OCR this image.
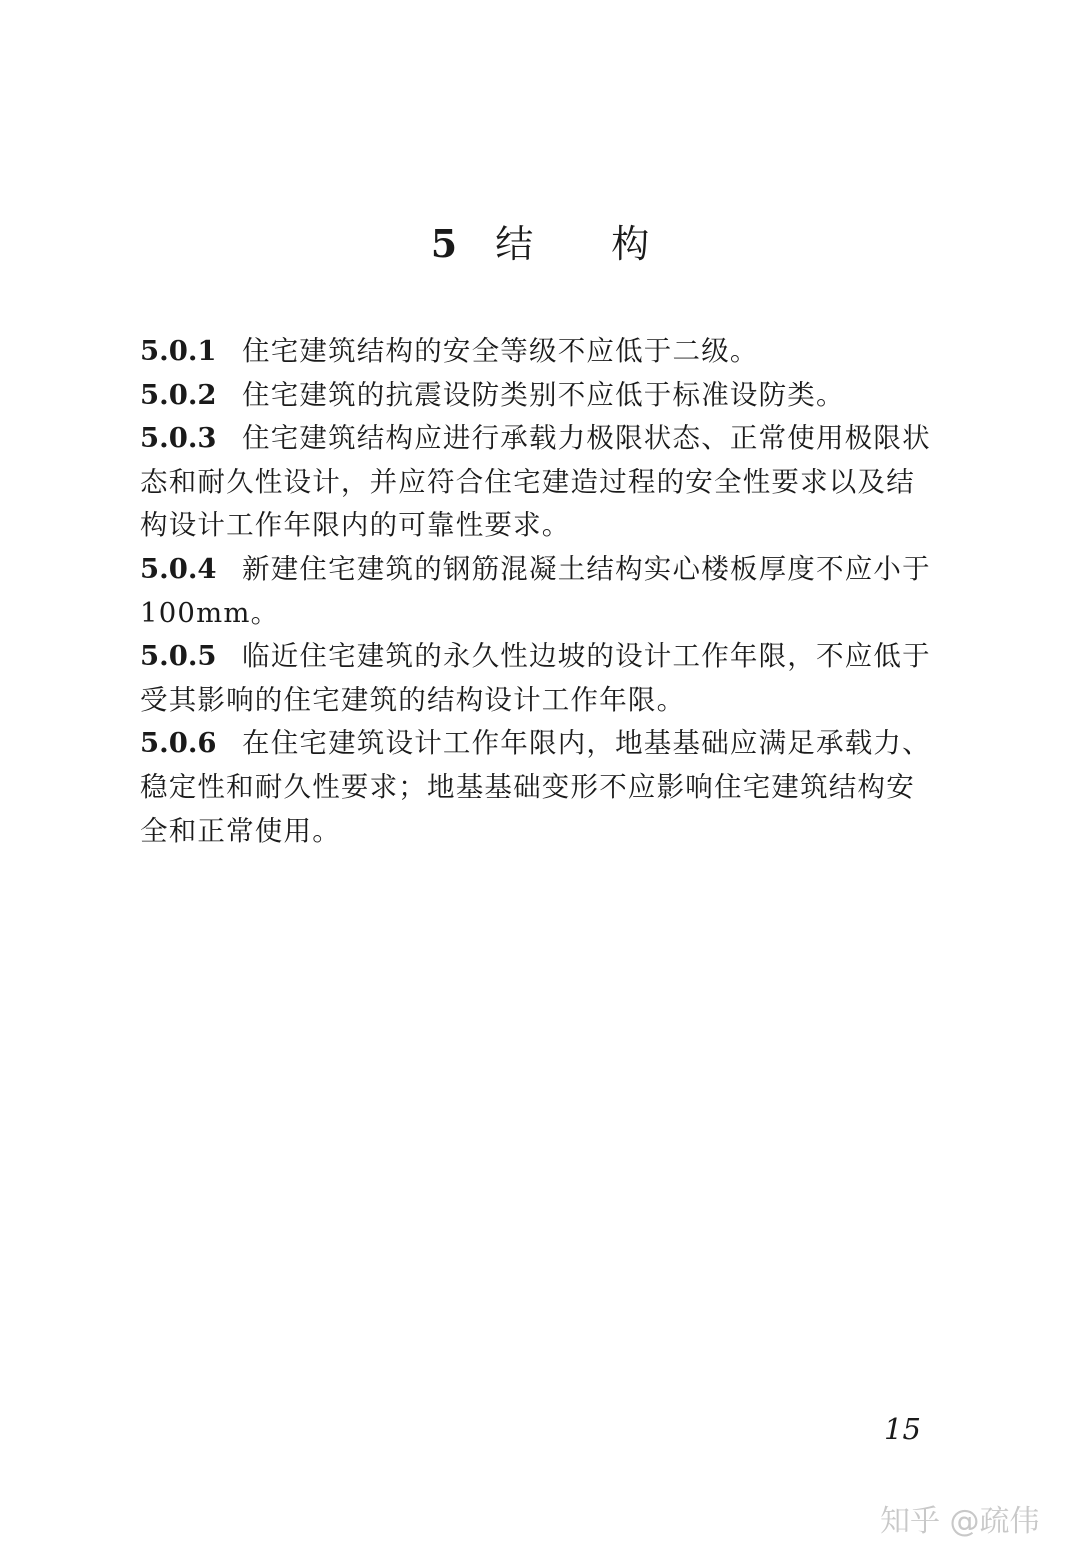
5 结 构

5.0.1 住宅建筑结构的安全等级不应低于二级。

5.0.2 住宅建筑的抗震设防类别不应低于标准设防类。

5.0.3 住宅建筑结构应进行承载力极限状态、正常使用极限状态和耐久性设计，并应符合住宅建造过程的安全性要求以及结构设计工作年限内的可靠性要求。

5.0.4 新建住宅建筑的钢筋混凝土结构实心楼板厚度不应小于100mm。

5.0.5 临近住宅建筑的永久性边坡的设计工作年限，不应低于受其影响的住宅建筑的结构设计工作年限。

5.0.6 在住宅建筑设计工作年限内，地基基础应满足承载力、稳定性和耐久性要求；地基基础变形不应影响住宅建筑结构安全和正常使用。

15
知乎 @疏伟
